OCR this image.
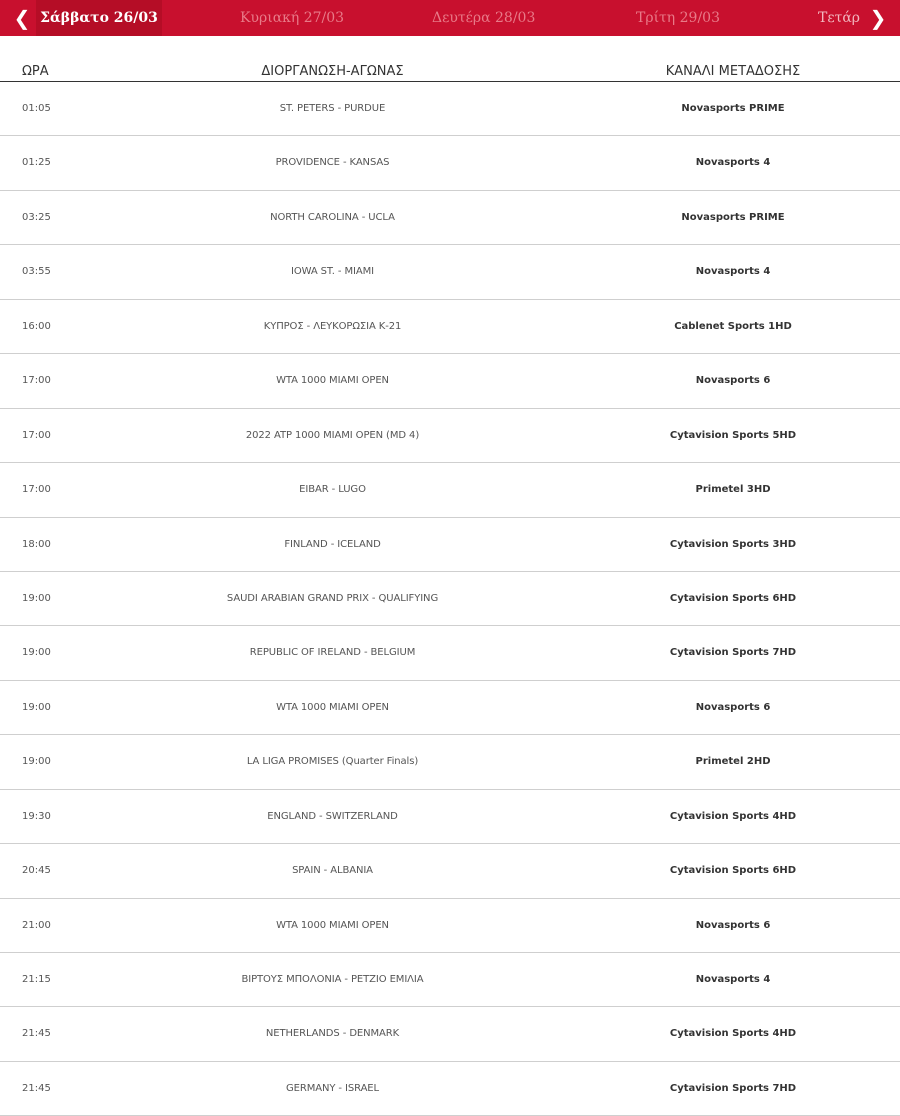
❮ Σάββατο 26/03	Κυριακή 27/03	Δευτέρα 28/03	Τρίτη 29/03	Τετάρ ❯
ΩΡΑ	ΔΙΟΡΓΑΝΩΣΗ-ΑΓΩΝΑΣ	ΚΑΝΑΛΙ ΜΕΤΑΔΟΣΗΣ
01:05	ST. PETERS - PURDUE	Novasports PRIME
01:25	PROVIDENCE - KANSAS	Novasports 4
03:25	NORTH CAROLINA - UCLA	Novasports PRIME
03:55	IOWA ST. - MIAMI	Novasports 4
16:00	ΚΥΠΡΟΣ - ΛΕΥΚΟΡΩΣΙΑ Κ-21	Cablenet Sports 1HD
17:00	WTA 1000 MIAMI OPEN	Novasports 6
17:00	2022 ATP 1000 MIAMI OPEN (MD 4)	Cytavision Sports 5HD
17:00	EIBAR - LUGO	Primetel 3HD
18:00	FINLAND - ICELAND	Cytavision Sports 3HD
19:00	SAUDI ARABIAN GRAND PRIX - QUALIFYING	Cytavision Sports 6HD
19:00	REPUBLIC OF IRELAND - BELGIUM	Cytavision Sports 7HD
19:00	WTA 1000 MIAMI OPEN	Novasports 6
19:00	LA LIGA PROMISES (Quarter Finals)	Primetel 2HD
19:30	ENGLAND - SWITZERLAND	Cytavision Sports 4HD
20:45	SPAIN - ALBANIA	Cytavision Sports 6HD
21:00	WTA 1000 MIAMI OPEN	Novasports 6
21:15	ΒΙΡΤΟΥΣ ΜΠΟΛΟΝΙΑ - ΡΕΤΖΙΟ ΕΜΙΛΙΑ	Novasports 4
21:45	NETHERLANDS - DENMARK	Cytavision Sports 4HD
21:45	GERMANY - ISRAEL	Cytavision Sports 7HD
